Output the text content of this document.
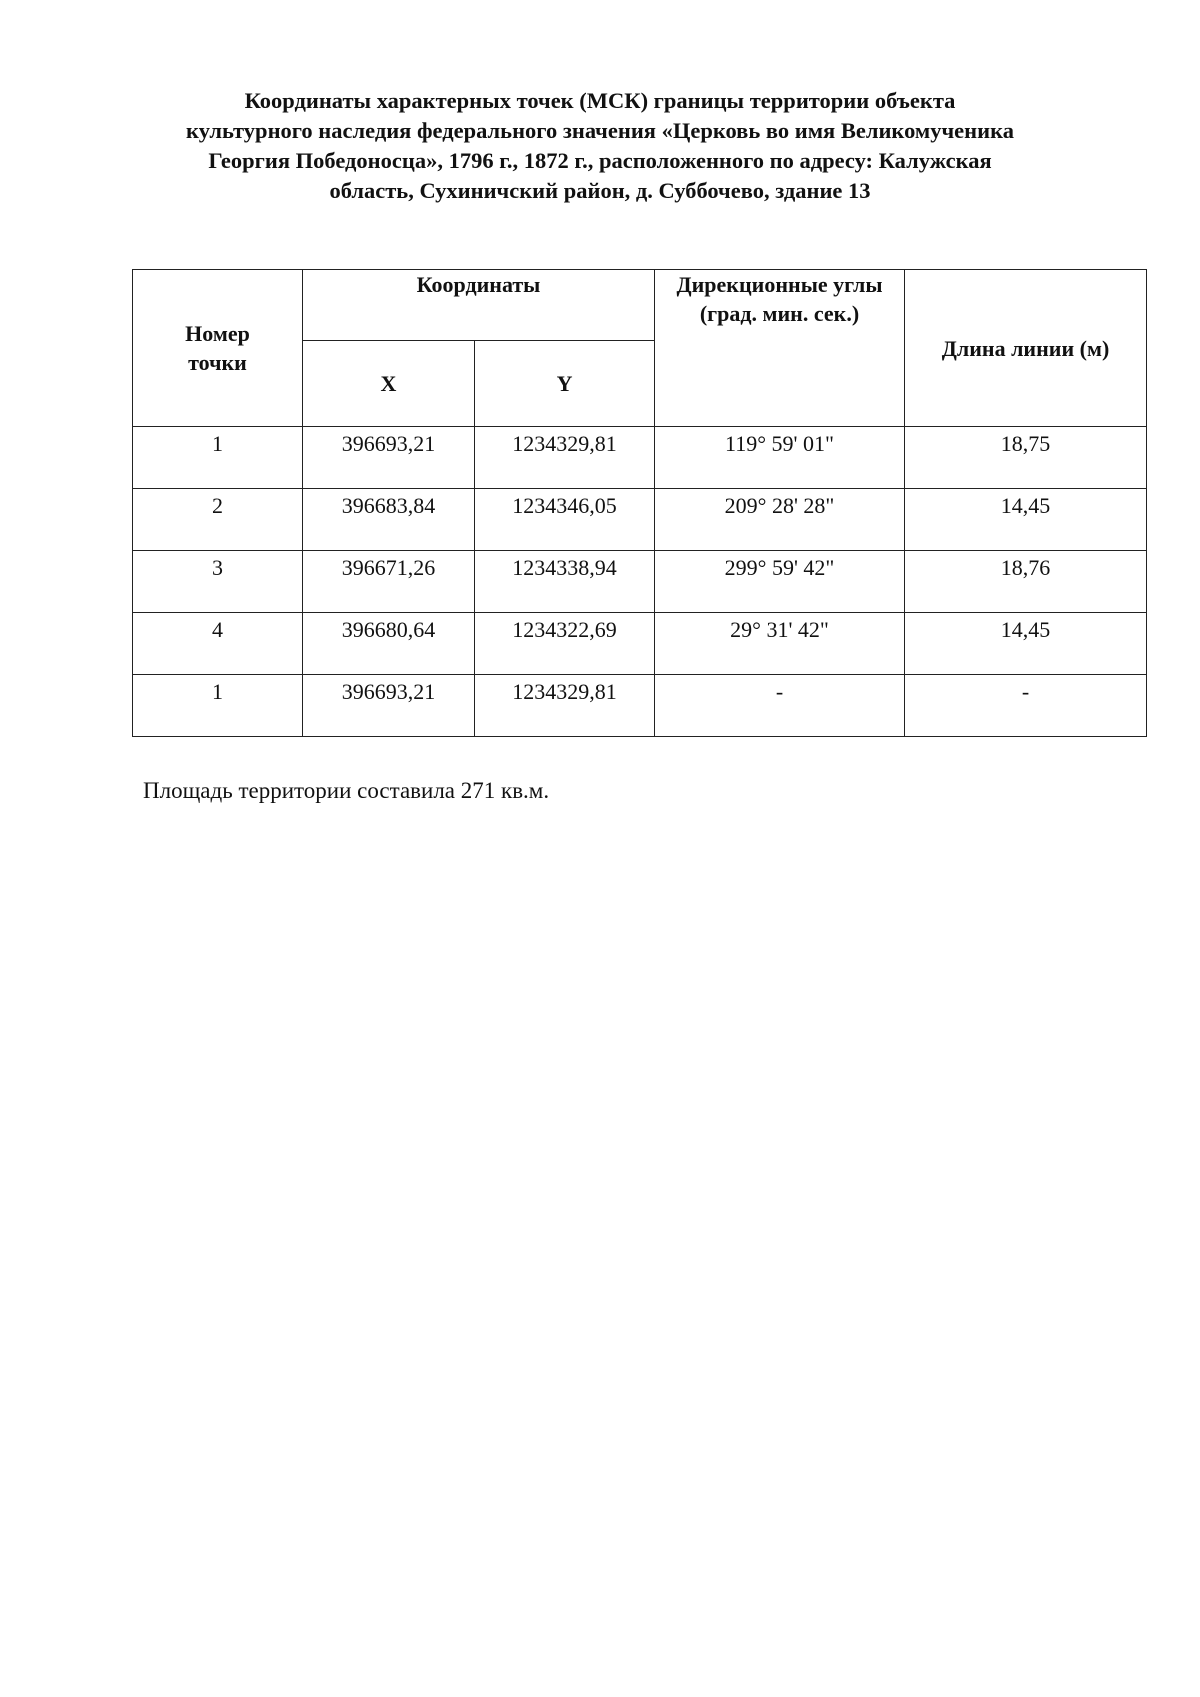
Координаты характерных точек (МСК) границы территории объекта
культурного наследия федерального значения «Церковь во имя Великомученика
Георгия Победоносца», 1796 г., 1872 г., расположенного по адресу: Калужская
область, Сухиничский район, д. Суббочево, здание 13
Номер точки	Координаты		Дирекционные углы (град. мин. сек.)	Длина линии (м)
	X	Y		
1	396693,21	1234329,81	119° 59' 01"	18,75
2	396683,84	1234346,05	209° 28' 28"	14,45
3	396671,26	1234338,94	299° 59' 42"	18,76
4	396680,64	1234322,69	29° 31' 42"	14,45
1	396693,21	1234329,81	-	-
Площадь территории составила 271 кв.м.
